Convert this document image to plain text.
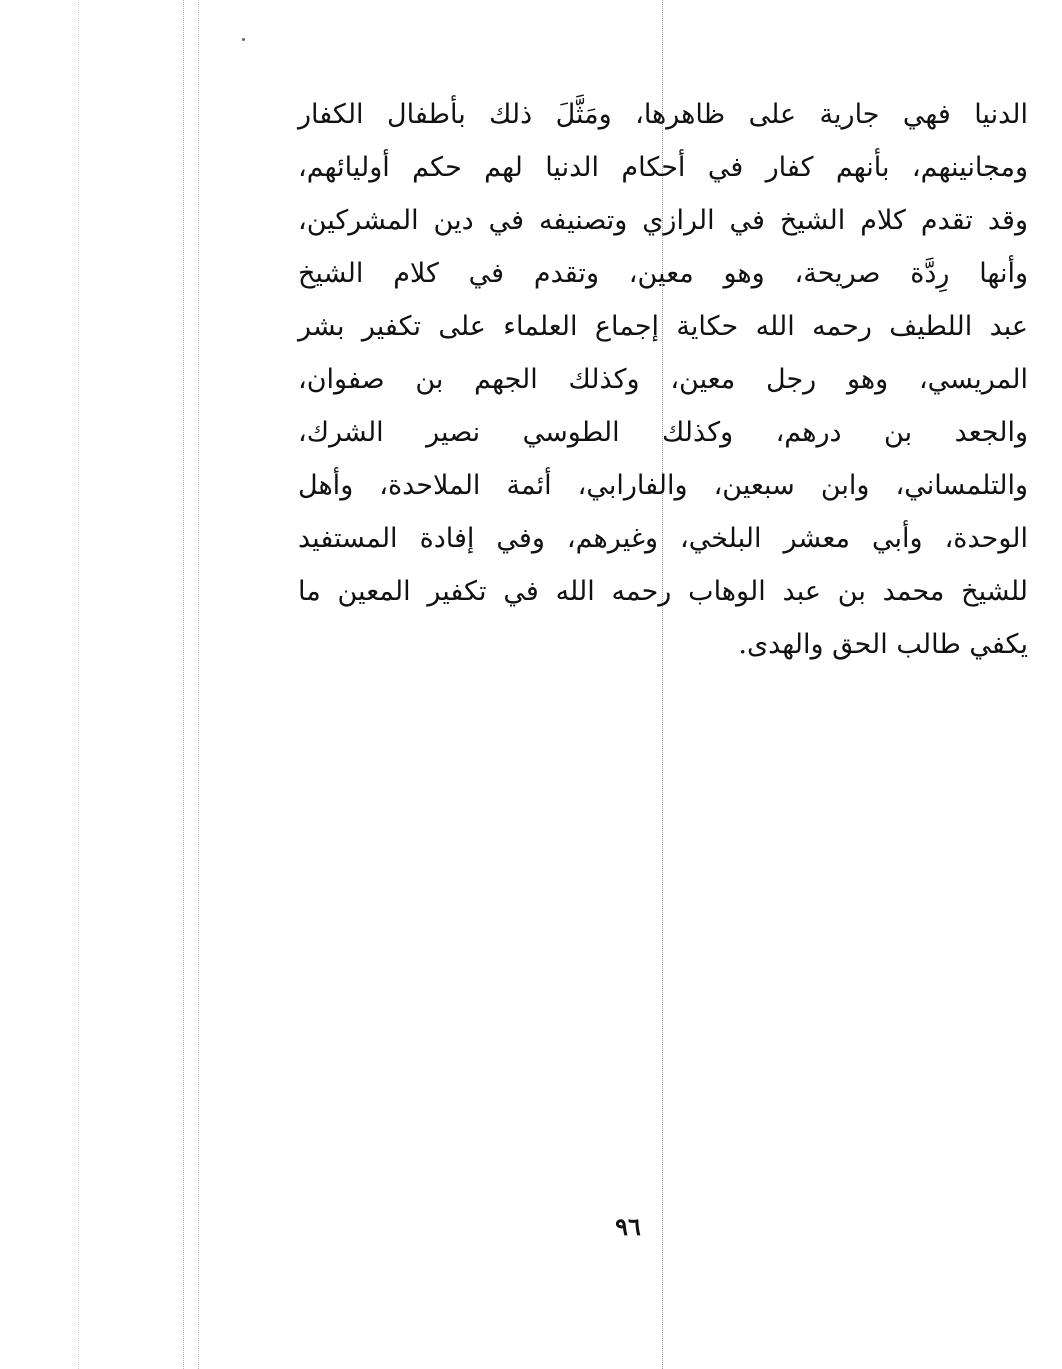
الدنيا فهي جارية على ظاهرها، ومَثَّلَ ذلك بأطفال الكفار
ومجانينهم، بأنهم كفار في أحكام الدنيا لهم حكم أوليائهم،
وقد تقدم كلام الشيخ في الرازي وتصنيفه في دين المشركين،
وأنها رِدَّة صريحة، وهو معين، وتقدم في كلام الشيخ
عبد اللطيف رحمه الله حكاية إجماع العلماء على تكفير بشر
المريسي، وهو رجل معين، وكذلك الجهم بن صفوان،
والجعد بن درهم، وكذلك الطوسي نصير الشرك،
والتلمساني، وابن سبعين، والفارابي، أئمة الملاحدة، وأهل
الوحدة، وأبي معشر البلخي، وغيرهم، وفي إفادة المستفيد
للشيخ محمد بن عبد الوهاب رحمه الله في تكفير المعين ما
يكفي طالب الحق والهدى.
٩٦
